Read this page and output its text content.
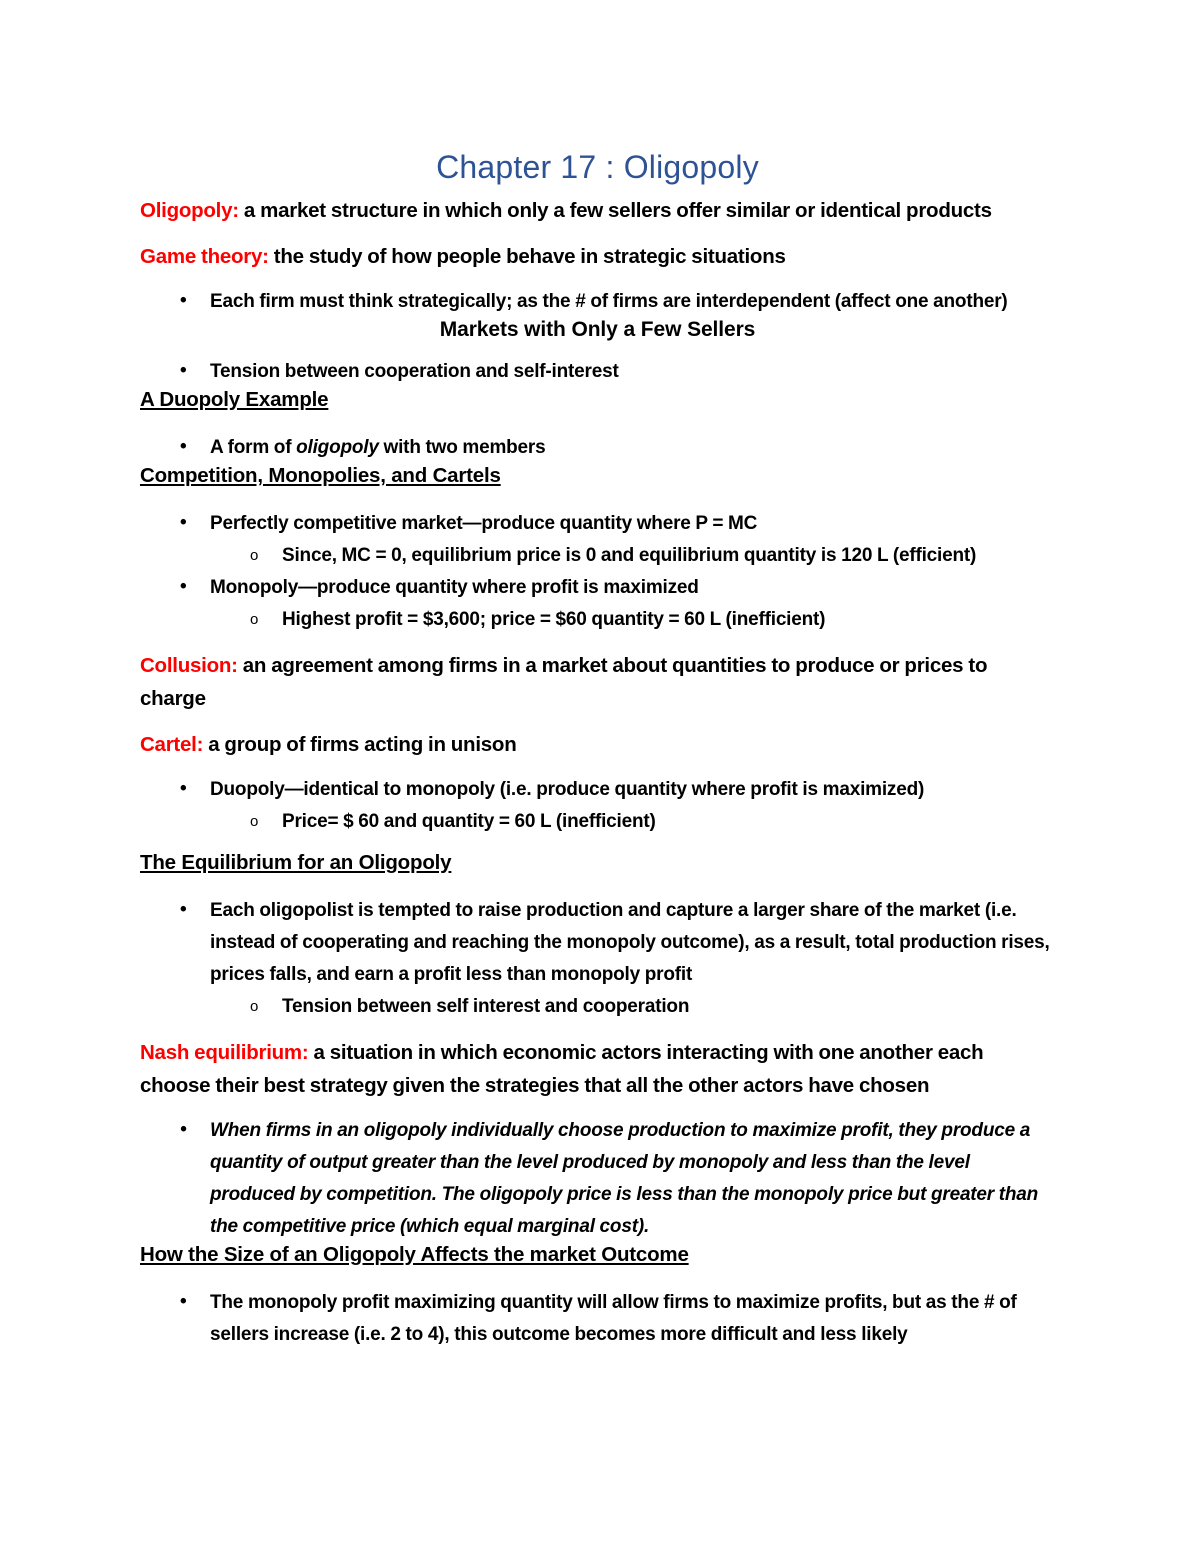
Chapter 17 : Oligopoly

Oligopoly: a market structure in which only a few sellers offer similar or identical products

Game theory: the study of how people behave in strategic situations

• Each firm must think strategically; as the # of firms are interdependent (affect one another)

Markets with Only a Few Sellers

• Tension between cooperation and self-interest
A Duopoly Example
• A form of oligopoly with two members
Competition, Monopolies, and Cartels
• Perfectly competitive market—produce quantity where P = MC
o Since, MC = 0, equilibrium price is 0 and equilibrium quantity is 120 L (efficient)
• Monopoly—produce quantity where profit is maximized
o Highest profit = $3,600; price = $60 quantity = 60 L (inefficient)

Collusion: an agreement among firms in a market about quantities to produce or prices to charge

Cartel: a group of firms acting in unison

• Duopoly—identical to monopoly (i.e. produce quantity where profit is maximized)
o Price= $ 60 and quantity = 60 L (inefficient)
The Equilibrium for an Oligopoly
• Each oligopolist is tempted to raise production and capture a larger share of the market (i.e. instead of cooperating and reaching the monopoly outcome), as a result, total production rises, prices falls, and earn a profit less than monopoly profit
o Tension between self interest and cooperation

Nash equilibrium: a situation in which economic actors interacting with one another each choose their best strategy given the strategies that all the other actors have chosen

• When firms in an oligopoly individually choose production to maximize profit, they produce a quantity of output greater than the level produced by monopoly and less than the level produced by competition. The oligopoly price is less than the monopoly price but greater than the competitive price (which equal marginal cost).
How the Size of an Oligopoly Affects the market Outcome
• The monopoly profit maximizing quantity will allow firms to maximize profits, but as the # of sellers increase (i.e. 2 to 4), this outcome becomes more difficult and less likely
